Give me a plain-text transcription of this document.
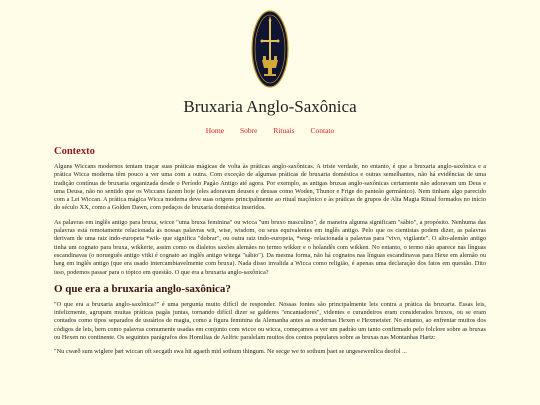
Bruxaria Anglo-Saxônica
Home Sobre Rituais Contato
Contexto

Alguns Wiccans modernos tentam traçar suas práticas mágicas de volta às práticas anglo-saxônicas. A triste verdade, no entanto, é que a bruxaria anglo-saxônica e a prática Wicca moderna têm pouco a ver uma com a outra. Com exceção de algumas práticas de bruxaria doméstica e outras semelhantes, não há evidências de uma tradição contínua de bruxaria organizada desde o Período Pagão Antigo até agora. Por exemplo, as antigas bruxas anglo-saxônicas certamente não adoravam um Deus e uma Deusa, não no sentido que os Wiccans fazem hoje (eles adoravam deuses e deusas como Woden, Thunor e Frige do panteão germânico). Nem tinham algo parecido com a Lei Wiccan. A prática mágica Wicca moderna deve suas origens principalmente ao ritual maçônico e às práticas de grupos de Alta Magia Ritual formados no início do século XX, como a Golden Dawn, com pedaços de bruxaria doméstica inseridos.

As palavras em inglês antigo para bruxa, wicce "uma bruxa feminina" ou wicca "um bruxo masculino", de maneira alguma significam "sábio", a propósito. Nenhuma das palavras está remotamente relacionada às nossas palavras wit, wise, wisdom, ou seus equivalentes em inglês antigo. Pelo que os cientistas podem dizer, as palavras derivam de uma raiz indo-europeia *wik- que significa "dobrar", ou outra raiz indo-europeia, *weg- relacionada a palavras para "vivo, vigilante". O alto-alemão antigo tinha um cognato para bruxa, wikkerie, assim como os dialetos saxões alemães no termo wikker e o holandês com wikken. No entanto, o termo não aparece nas línguas escandinavas (o norueguês antigo vitki é cognato ao inglês antigo witega "sábio"). Da mesma forma, não há cognatos nas línguas escandinavas para Hexe em alemão ou hæg em inglês antigo (que era usado intercambiavelmente com bruxa). Nada disso invalida a Wicca como religião, é apenas uma declaração dos fatos em questão. Dito isso, podemos passar para o tópico em questão. O que era a bruxaria anglo-saxônica?

O que era a bruxaria anglo-saxônica?

"O que era a bruxaria anglo-saxônica?" é uma pergunta muito difícil de responder. Nossas fontes são principalmente leis contra a prática da bruxaria. Essas leis, infelizmente, agrupam muitas práticas pagãs juntas, tornando difícil dizer se galderes "encantadores", videntes e curandeiros eram considerados bruxos, ou se eram contados como tipos separados de usuários de magia, como a figura feminina da Alemanha antes as modernas Hexen e Hexmeister. No entanto, ao enfrentar muitos dos códigos de leis, bem como palavras comumente usadas em conjunto com wicce ou wicca, começamos a ver um padrão um tanto confirmado pelo folclore sobre as bruxas ou Hexen no continente. Os seguintes parágrafos dos Homilias de Aelfric paralelam muitos dos contos populares sobre as bruxas nas Montanhas Hartz:

"Nu cwæð sum wiglere þæt wiccan oft secgath swa hit agaeth mid sothum thingum. Ne secge we to sothum þaet se ungesewenlica deofol ...
